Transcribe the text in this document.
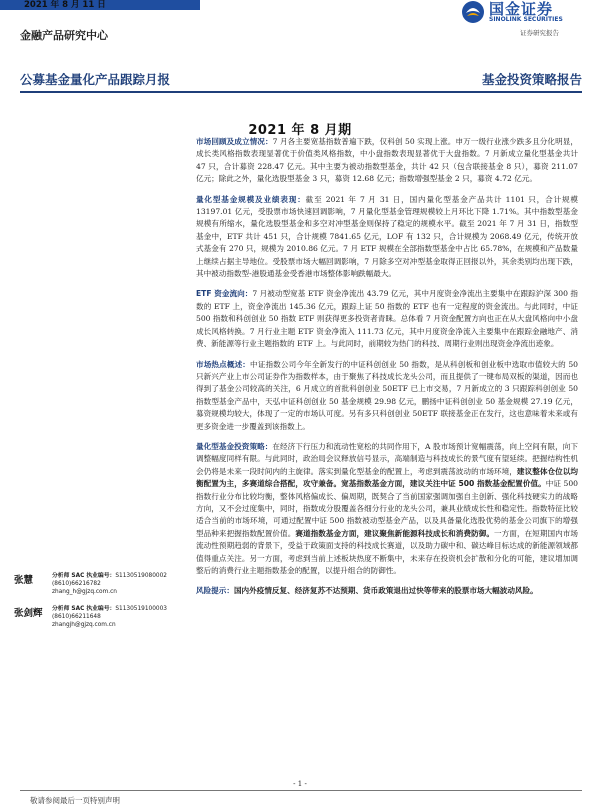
2021 年 8 月 11 日	国金证券
SINOLINK SECURITIES
证券研究报告
金融产品研究中心
公募基金量化产品跟踪月报	基金投资策略报告
2021 年 8 月期

市场回顾及成立情况：7 月各主要宽基指数普遍下跌，仅科创 50 实现上涨。申万一级行业涨少跌多且分化明显，成长类风格指数表现显著优于价值类风格指数，中小盘指数表现显著优于大盘指数。7 月新成立量化型基金共计 47 只，合计募资 228.47 亿元。其中主要为被动指数型基金，共计 42 只（包含联接基金 8 只），募资 211.07 亿元；除此之外，量化选股型基金 3 只，募资 12.68 亿元；指数增强型基金 2 只，募资 4.72 亿元。

量化型基金规模及业绩表现：截至 2021 年 7 月 31 日，国内量化型基金产品共计 1101 只，合计规模 13197.01 亿元，受股票市场快速回调影响，7 月量化型基金管理规模较上月环比下降 1.71%。其中指数型基金规模有所缩水，量化选股型基金和多空对冲型基金则保持了稳定的规模水平。截至 2021 年 7 月 31 日，指数型基金中，ETF 共计 451 只，合计规模 7841.65 亿元，LOF 有 132 只，合计规模为 2068.49 亿元，传统开放式基金有 270 只，规模为 2010.86 亿元。7 月 ETF 规模在全部指数型基金中占比 65.78%，在规模和产品数量上继续占据主导地位。受股票市场大幅回调影响，7 月除多空对冲型基金取得正回报以外，其余类别均出现下跌，其中被动指数型-港股通基金受香港市场整体影响跌幅最大。

ETF 资金流向：7 月被动型宽基 ETF 资金净流出 43.79 亿元，其中月度资金净流出主要集中在跟踪沪深 300 指数的 ETF 上，资金净流出 145.36 亿元，跟踪上证 50 指数的 ETF 也有一定程度的资金流出。与此同时，中证 500 指数和科创创业 50 指数 ETF 则获得更多投资者青睐。总体看 7 月资金配置方向也正在从大盘风格向中小盘成长风格转换。7 月行业主题 ETF 资金净流入 111.73 亿元，其中月度资金净流入主要集中在跟踪金融地产、消费、新能源等行业主题指数的 ETF 上。与此同时，前期较为热门的科技、周期行业则出现资金净流出迹象。

市场热点概述：中证指数公司今年全新发行的中证科创创业 50 指数，是从科创板和创业板中选取市值较大的 50 只新兴产业上市公司证券作为指数样本，由于聚焦了科技成长龙头公司，而且提供了一键布局双板的渠道，因而也得到了基金公司较高的关注，6 月成立的首批科创创业 50ETF 已上市交易，7 月新成立的 3 只跟踪科创创业 50 指数型基金产品中，天弘中证科创创业 50 基金规模 29.98 亿元，鹏扬中证科创创业 50 基金规模 27.19 亿元，募资规模均较大，体现了一定的市场认可度。另有多只科创创业 50ETF 联接基金正在发行，这也意味着未来或有更多资金进一步覆盖到该指数上。

量化型基金投资策略：在经济下行压力和流动性宽松的共同作用下，A 股市场预计宽幅震荡，向上空间有限，向下调整幅度同样有限。与此同时，政治局会议释放信号显示，高端制造与科技成长的景气度有望延续。把握结构性机会仍将是未来一段时间内的主旋律。落实到量化型基金的配置上，考虑到震荡波动的市场环境，建议整体仓位以均衡配置为主，多赛道综合搭配，攻守兼备。宽基指数基金方面，建议关注中证 500 指数基金配置价值。中证 500 指数行业分布比较均衡，整体风格偏成长、偏周期，既契合了当前国家强调加强自主创新、强化科技硬实力的战略方向，又不会过度集中，同时，指数成分股覆盖各细分行业的龙头公司，兼具业绩成长性和稳定性。指数特征比较适合当前的市场环境，可通过配置中证 500 指数被动型基金产品，以及具备量化选股优势的基金公司旗下的增强型品种来把握指数配置价值。赛道指数基金方面，建议聚焦新能源科技成长和消费防御。一方面，在短期国内市场流动性预期趋弱的背景下，受益于政策面支持的科技成长赛道，以及助力碳中和、碳达峰目标达成的新能源领域都值得重点关注。另一方面，考虑到当前上述板块热度不断集中，未来存在投资机会扩散和分化的可能，建议增加调整后的消费行业主题指数基金的配置，以提升组合的防御性。

风险提示：国内外疫情反复、经济复苏不达预期、货币政策退出过快等带来的股票市场大幅波动风险。

张慧	分析师 SAC 执业编号：S1130519080002
(8610)66216782
zhang_h@gjzq.com.cn
张剑辉 分析师 SAC 执业编号：S1130519100003
(8610)66211648
zhangjh@gjzq.com.cn
- 1 -
敬请参阅最后一页特别声明
